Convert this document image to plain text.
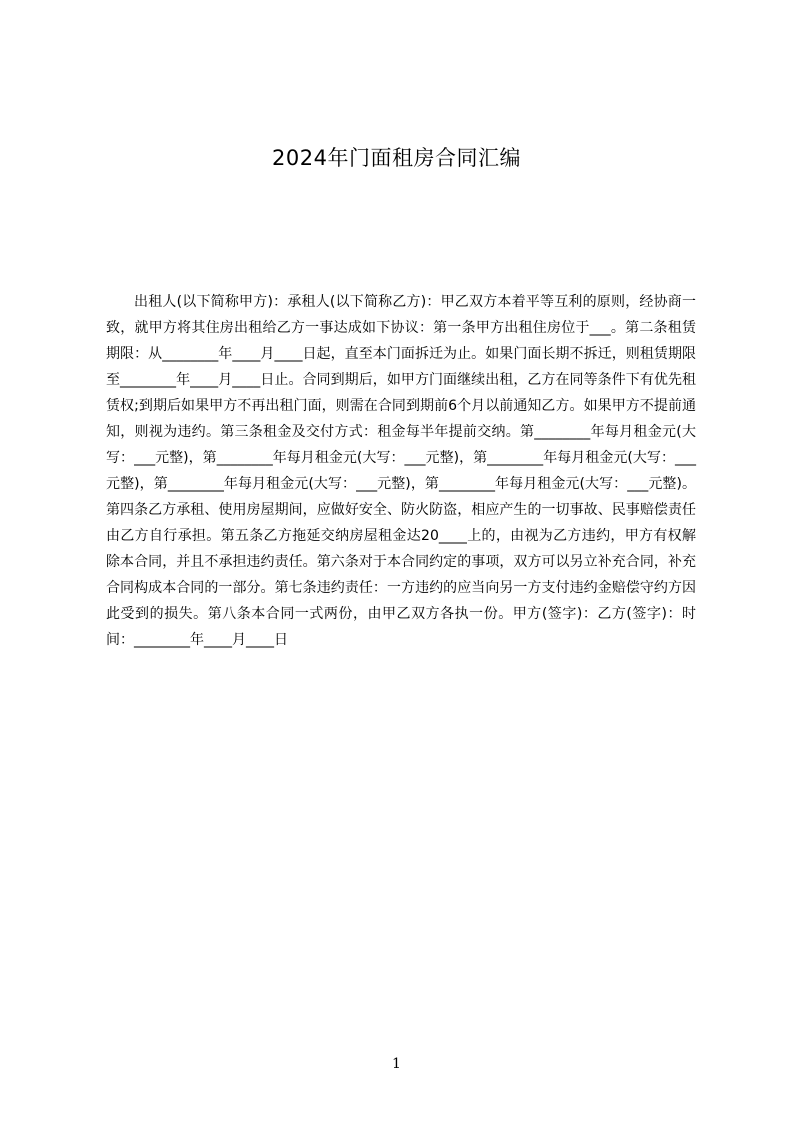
2024年门面租房合同汇编

出租人(以下简称甲方)：承租人(以下简称乙方)：甲乙双方本着平等互利的原则，经协商一致，就甲方将其住房出租给乙方一事达成如下协议：第一条甲方出租住房位于___。第二条租赁期限：从________年____月____日起，直至本门面拆迁为止。如果门面长期不拆迁，则租赁期限至________年____月____日止。合同到期后，如甲方门面继续出租，乙方在同等条件下有优先租赁权;到期后如果甲方不再出租门面，则需在合同到期前6个月以前通知乙方。如果甲方不提前通知，则视为违约。第三条租金及交付方式：租金每半年提前交纳。第________年每月租金元(大写：___元整)，第________年每月租金元(大写：___元整)，第________年每月租金元(大写：___元整)，第________年每月租金元(大写：___元整)，第________年每月租金元(大写：___元整)。第四条乙方承租、使用房屋期间，应做好安全、防火防盗，相应产生的一切事故、民事赔偿责任由乙方自行承担。第五条乙方拖延交纳房屋租金达20____上的，由视为乙方违约，甲方有权解除本合同，并且不承担违约责任。第六条对于本合同约定的事项，双方可以另立补充合同，补充合同构成本合同的一部分。第七条违约责任：一方违约的应当向另一方支付违约金赔偿守约方因此受到的损失。第八条本合同一式两份，由甲乙双方各执一份。甲方(签字)：乙方(签字)：时间：________年____月____日

1
